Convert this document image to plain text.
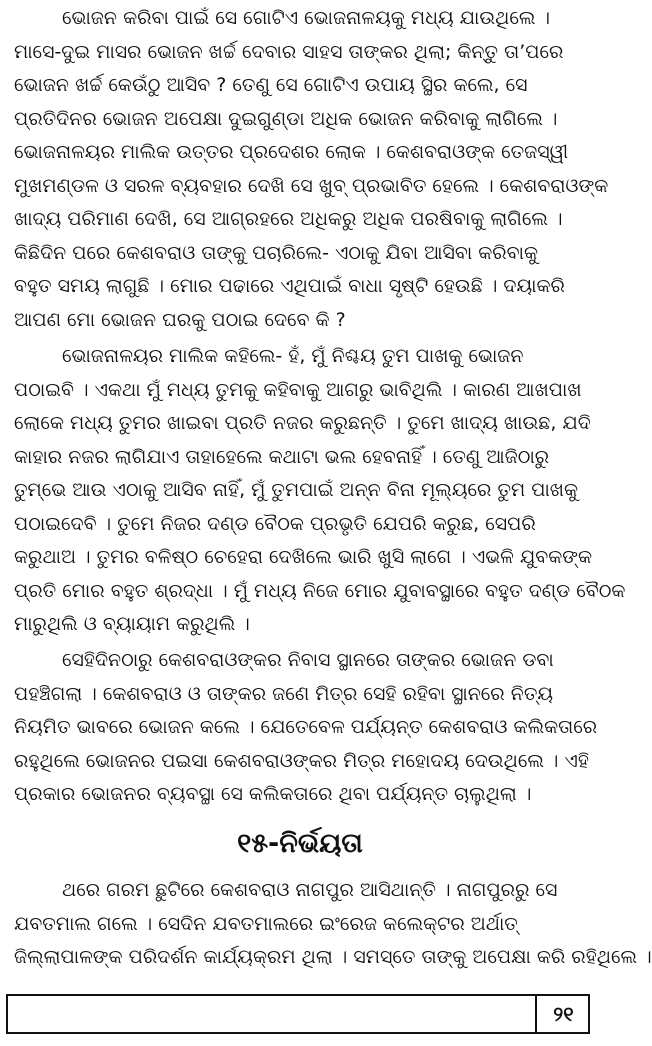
ଭୋଜନ କରିବା ପାଇଁ ସେ ଗୋଟିଏ ଭୋଜନାଳୟକୁ ମଧ୍ୟ ଯାଉଥିଲେ ।
ମାସେ-ଦୁଇ ମାସର ଭୋଜନ ଖର୍ଚ୍ଚ ଦେବାର ସାହସ ତାଙ୍କର ଥିଲା; କିନ୍ତୁ ତା’ପରେ
ଭୋଜନ ଖର୍ଚ୍ଚ କେଉଁଠୁ ଆସିବ ? ତେଣୁ ସେ ଗୋଟିଏ ଉପାୟ ସ୍ଥିର କଲେ, ସେ
ପ୍ରତିଦିନର ଭୋଜନ ଅପେକ୍ଷା ଦୁଇଗୁଣ୍ଡା ଅଧିକ ଭୋଜନ କରିବାକୁ ଲାଗିଲେ ।
ଭୋଜନାଳୟର ମାଲିକ ଉତ୍ତର ପ୍ରଦେଶର ଲୋକ । କେଶବରାଓଙ୍କ ତେଜସ୍ୱୀ
ମୁଖମଣ୍ଡଳ ଓ ସରଳ ବ୍ୟବହାର ଦେଖି ସେ ଖୁବ୍ ପ୍ରଭାବିତ ହେଲେ । କେଶବରାଓଙ୍କ
ଖାଦ୍ୟ ପରିମାଣ ଦେଖି, ସେ ଆଗ୍ରହରେ ଅଧିକରୁ ଅଧିକ ପରଷିବାକୁ ଲାଗିଲେ ।
କିଛିଦିନ ପରେ କେଶବରାଓ ତାଙ୍କୁ ପଚାରିଲେ- ଏଠାକୁ ଯିବା ଆସିବା କରିବାକୁ
ବହୁତ ସମୟ ଲାଗୁଛି । ମୋର ପଢାରେ ଏଥିପାଇଁ ବାଧା ସୃଷ୍ଟି ହେଉଛି । ଦୟାକରି
ଆପଣ ମୋ ଭୋଜନ ଘରକୁ ପଠାଇ ଦେବେ କି ?
ଭୋଜନାଳୟର ମାଲିକ କହିଲେ- ହଁ, ମୁଁ ନିଶ୍ଚୟ ତୁମ ପାଖକୁ ଭୋଜନ
ପଠାଇବି । ଏକଥା ମୁଁ ମଧ୍ୟ ତୁମକୁ କହିବାକୁ ଆଗରୁ ଭାବିଥିଲି । କାରଣ ଆଖପାଖ
ଲୋକେ ମଧ୍ୟ ତୁମର ଖାଇବା ପ୍ରତି ନଜର କରୁଛନ୍ତି । ତୁମେ ଖାଦ୍ୟ ଖାଉଛ, ଯଦି
କାହାର ନଜର ଲାଗିଯାଏ ତାହାହେଲେ କଥାଟା ଭଲ ହେବନାହିଁ । ତେଣୁ ଆଜିଠାରୁ
ତୁମ୍ଭେ ଆଉ ଏଠାକୁ ଆସିବ ନାହିଁ, ମୁଁ ତୁମପାଇଁ ଅନ୍ନ ବିନା ମୂଲ୍ୟରେ ତୁମ ପାଖକୁ
ପଠାଇଦେବି । ତୁମେ ନିଜର ଦଣ୍ଡ ବୈଠକ ପ୍ରଭୃତି ଯେପରି କରୁଛ, ସେପରି
କରୁଥାଅ । ତୁମର ବଳିଷ୍ଠ ଚେହେରା ଦେଖିଲେ ଭାରି ଖୁସି ଲାଗେ । ଏଭଳି ଯୁବକଙ୍କ
ପ୍ରତି ମୋର ବହୁତ ଶ୍ରଦ୍ଧା । ମୁଁ ମଧ୍ୟ ନିଜେ ମୋର ଯୁବାବସ୍ଥାରେ ବହୁତ ଦଣ୍ଡ ବୈଠକ
ମାରୁଥିଲି ଓ ବ୍ୟାୟାମ କରୁଥିଲି ।
ସେହିଦିନଠାରୁ କେଶବରାଓଙ୍କର ନିବାସ ସ୍ଥାନରେ ତାଙ୍କର ଭୋଜନ ଡବା
ପହଞ୍ଚିଗଲା । କେଶବରାଓ ଓ ତାଙ୍କର ଜଣେ ମିତ୍ର ସେହି ରହିବା ସ୍ଥାନରେ ନିତ୍ୟ
ନିୟମିତ ଭାବରେ ଭୋଜନ କଲେ । ଯେତେବେଳ ପର୍ଯ୍ୟନ୍ତ କେଶବରାଓ କଲିକତାରେ
ରହୁଥିଲେ ଭୋଜନର ପଇସା କେଶବରାଓଙ୍କର ମିତ୍ର ମହୋଦୟ ଦେଉଥିଲେ । ଏହି
ପ୍ରକାର ଭୋଜନର ବ୍ୟବସ୍ଥା ସେ କଲିକତାରେ ଥିବା ପର୍ଯ୍ୟନ୍ତ ଚାଲୁଥିଲା ।
୧୫-ନିର୍ଭୟତା
ଥରେ ଗରମ ଛୁଟିରେ କେଶବରାଓ ନାଗପୁର ଆସିଥାନ୍ତି । ନାଗପୁରରୁ ସେ
ଯବତମାଲ ଗଲେ । ସେଦିନ ଯବତମାଲରେ ଇଂରେଜ କଲେକ୍ଟର ଅର୍ଥାତ୍
ଜିଲ୍ଲାପାଳଙ୍କ ପରିଦର୍ଶନ କାର୍ଯ୍ୟକ୍ରମ ଥିଲା । ସମସ୍ତେ ତାଙ୍କୁ ଅପେକ୍ଷା କରି ରହିଥିଲେ ।
୨୧
